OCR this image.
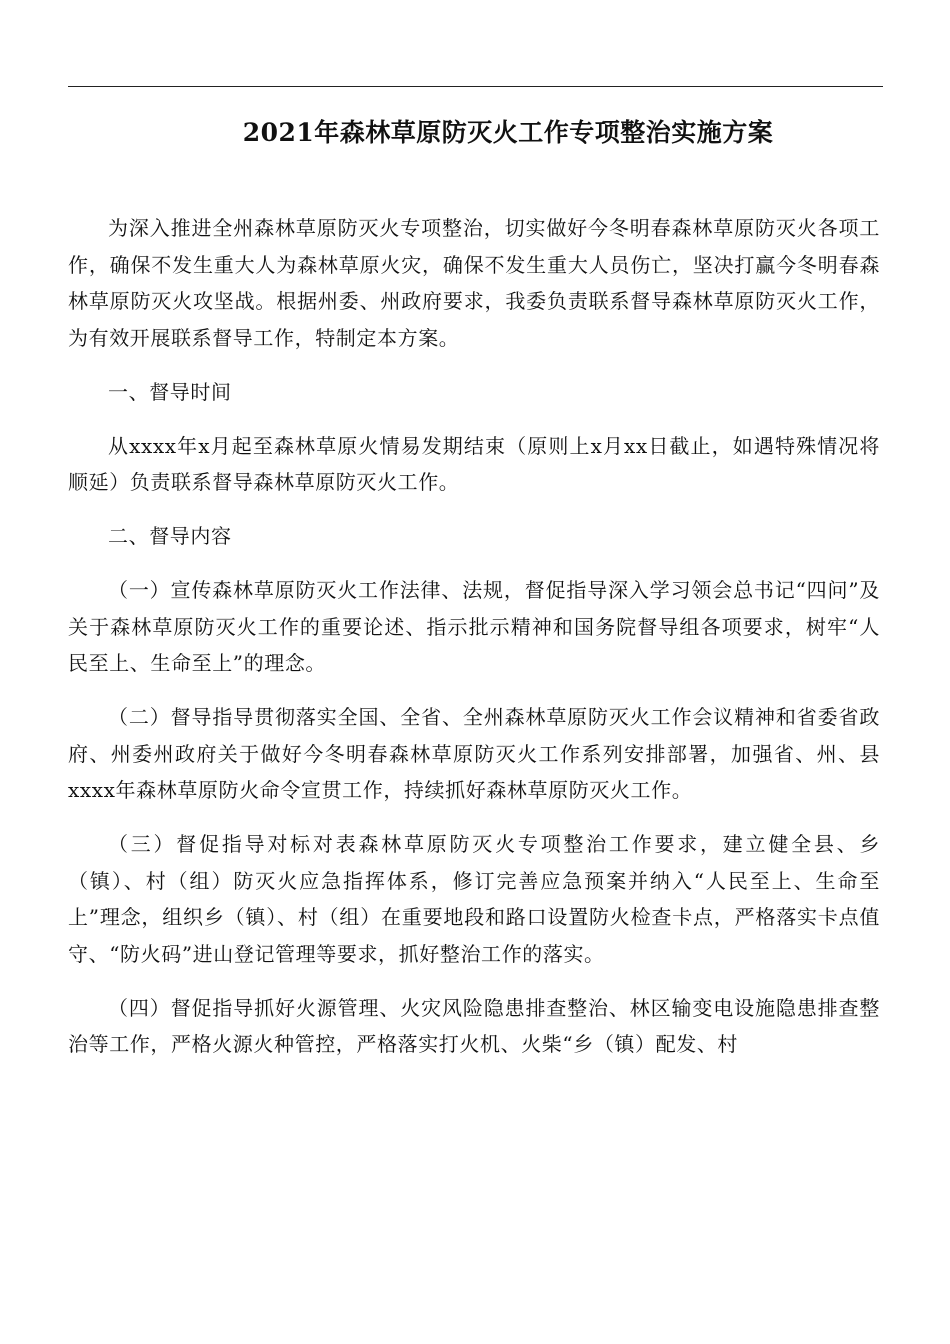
2021年森林草原防灭火工作专项整治实施方案

为深入推进全州森林草原防灭火专项整治，切实做好今冬明春森林草原防灭火各项工作，确保不发生重大人为森林草原火灾，确保不发生重大人员伤亡，坚决打赢今冬明春森林草原防灭火攻坚战。根据州委、州政府要求，我委负责联系督导森林草原防灭火工作，为有效开展联系督导工作，特制定本方案。

一、督导时间

从xxxx年x月起至森林草原火情易发期结束（原则上x月xx日截止，如遇特殊情况将顺延）负责联系督导森林草原防灭火工作。

二、督导内容

（一）宣传森林草原防灭火工作法律、法规，督促指导深入学习领会总书记“四问”及关于森林草原防灭火工作的重要论述、指示批示精神和国务院督导组各项要求，树牢“人民至上、生命至上”的理念。

（二）督导指导贯彻落实全国、全省、全州森林草原防灭火工作会议精神和省委省政府、州委州政府关于做好今冬明春森林草原防灭火工作系列安排部署，加强省、州、县xxxx年森林草原防火命令宣贯工作，持续抓好森林草原防灭火工作。

（三）督促指导对标对表森林草原防灭火专项整治工作要求，建立健全县、乡（镇）、村（组）防灭火应急指挥体系，修订完善应急预案并纳入“人民至上、生命至上”理念，组织乡（镇）、村（组）在重要地段和路口设置防火检查卡点，严格落实卡点值守、“防火码”进山登记管理等要求，抓好整治工作的落实。

（四）督促指导抓好火源管理、火灾风险隐患排查整治、林区输变电设施隐患排查整治等工作，严格火源火种管控，严格落实打火机、火柴“乡（镇）配发、村
